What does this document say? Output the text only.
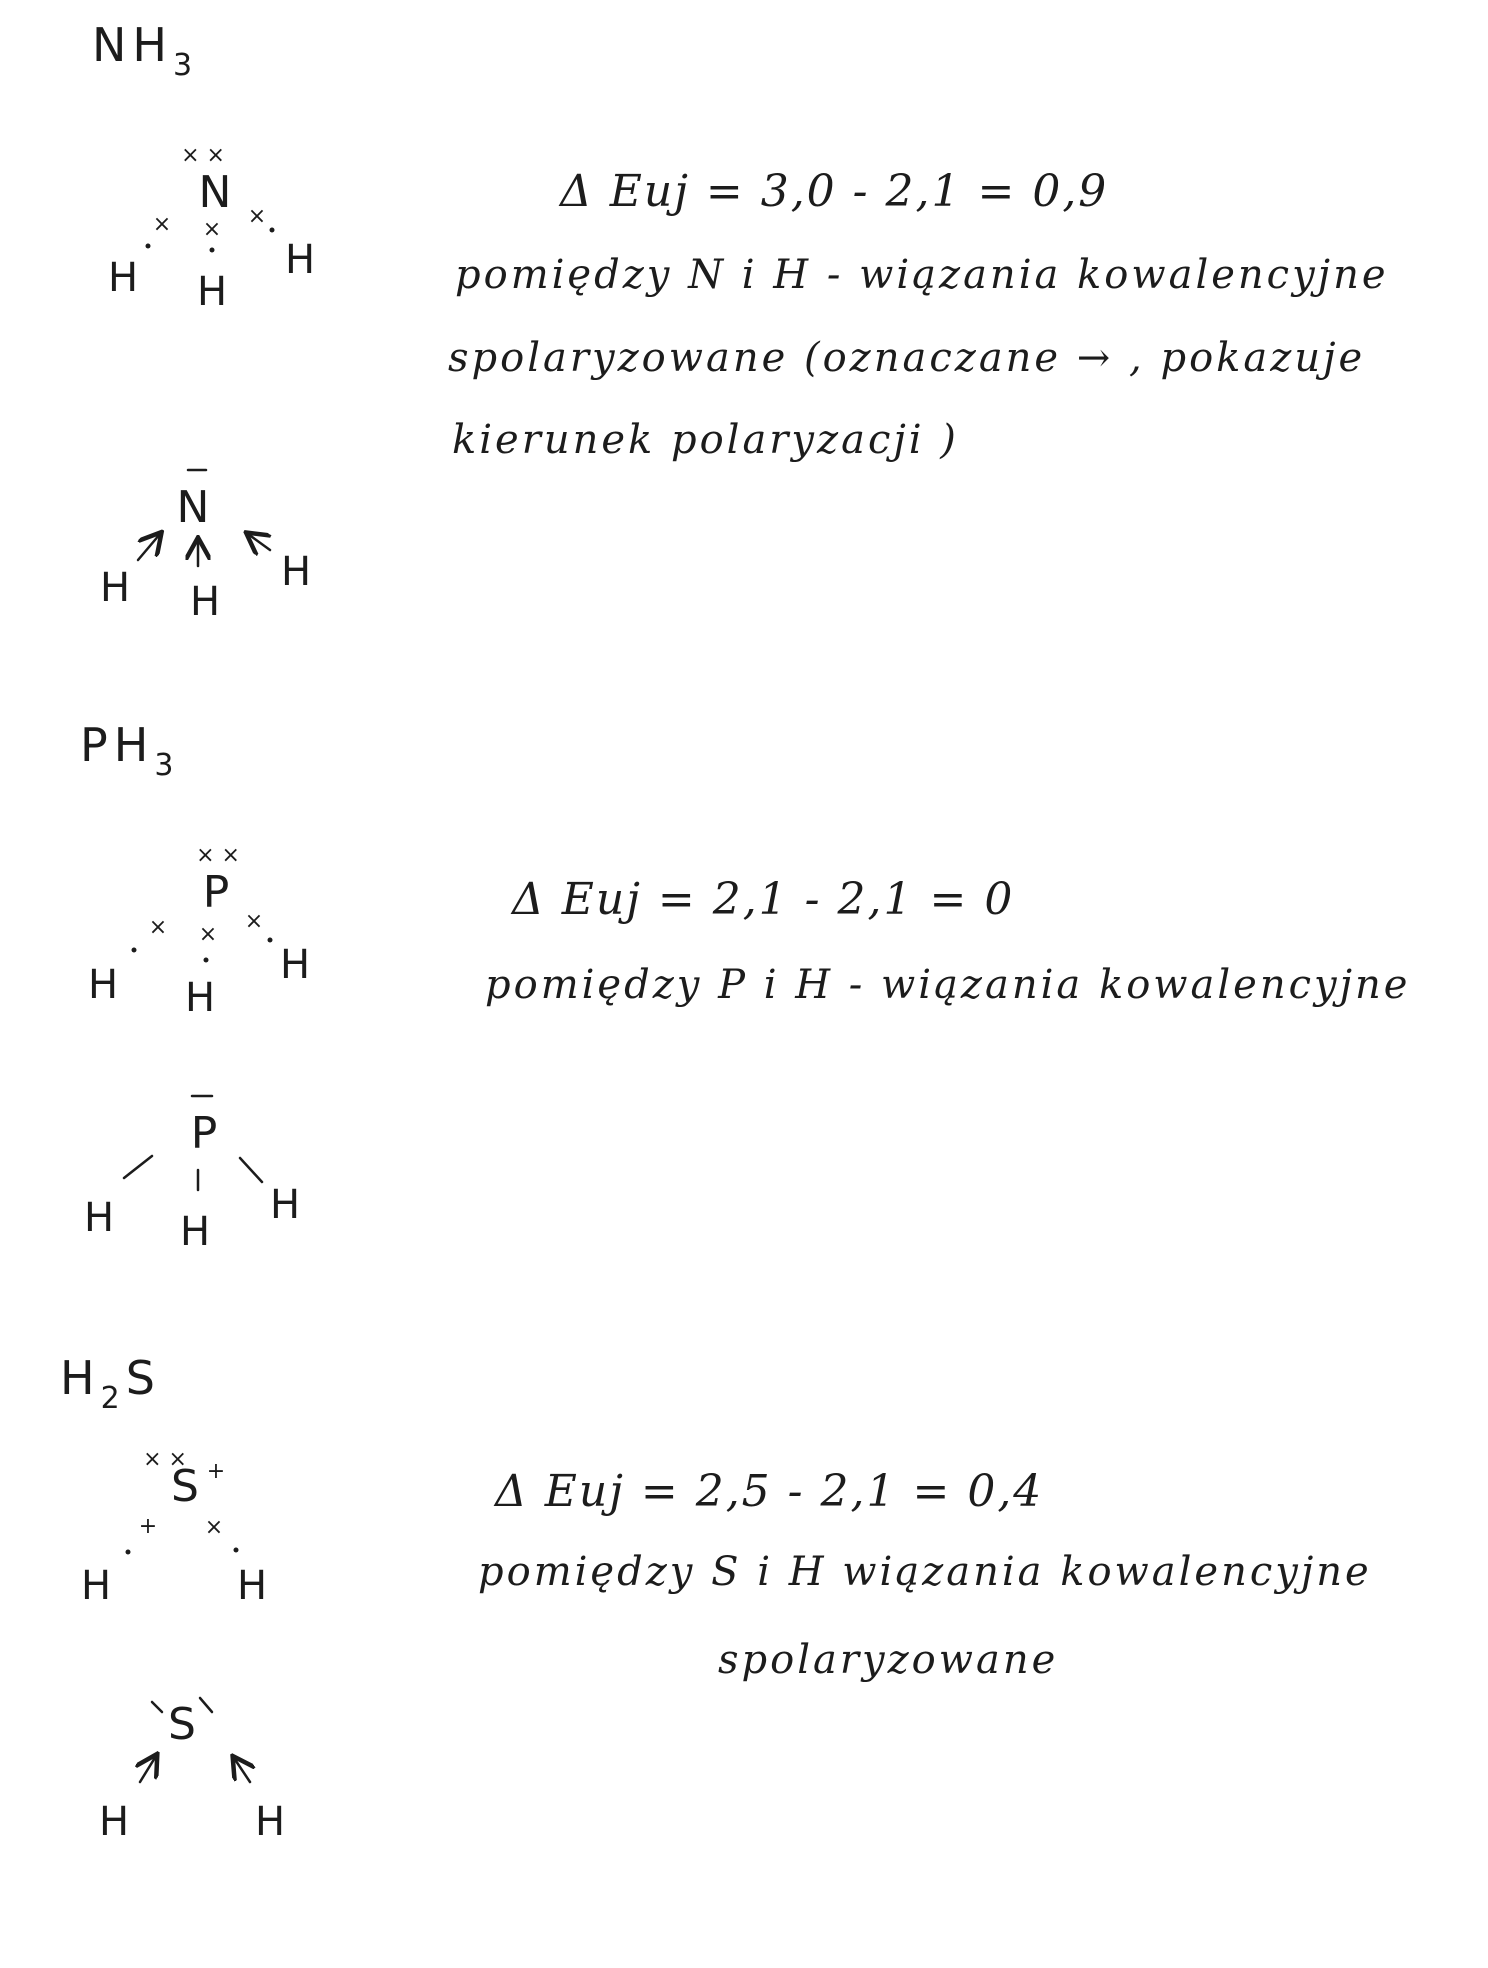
$NH_3$
× ×
N
× ×
×
H H
H
N
H H
H
Δ Euj = 3,0 - 2,1 = 0,9
pomiędzy N i H - wiązania kowalencyjne
spolaryzowane (oznaczane → , pokazuje
kierunek polaryzacji )
$PH_3$
× ×
P
× ×
×
H H
H
P
H H
H
Δ Euj = 2,1 - 2,1 = 0
pomiędzy P i H - wiązania kowalencyjne
$H_2S$
× ×
S +
+ ×
H	H
S
H	H
Δ Euj = 2,5 - 2,1 = 0,4
pomiędzy S i H wiązania kowalencyjne
spolaryzowane
